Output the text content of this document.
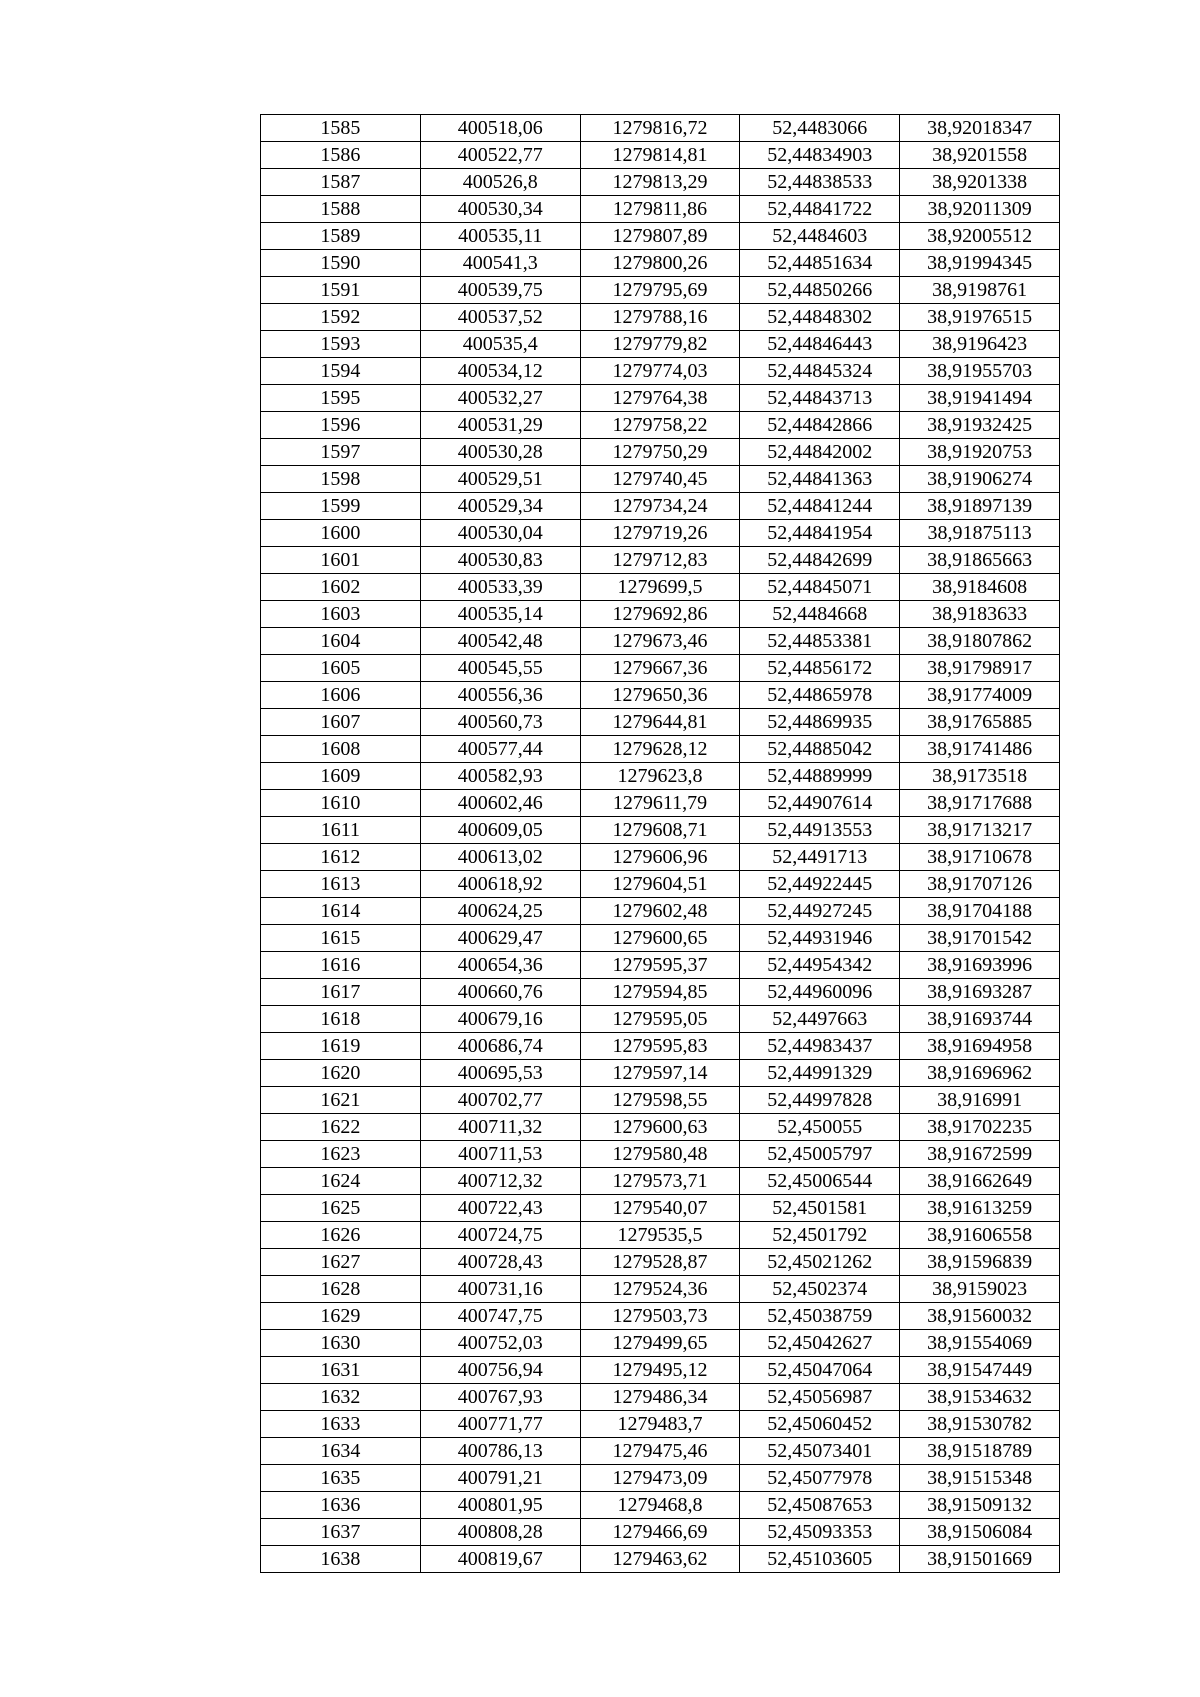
1585	400518,06	1279816,72	52,4483066	38,92018347
1586	400522,77	1279814,81	52,44834903	38,9201558
1587	400526,8	1279813,29	52,44838533	38,9201338
1588	400530,34	1279811,86	52,44841722	38,92011309
1589	400535,11	1279807,89	52,4484603	38,92005512
1590	400541,3	1279800,26	52,44851634	38,91994345
1591	400539,75	1279795,69	52,44850266	38,9198761
1592	400537,52	1279788,16	52,44848302	38,91976515
1593	400535,4	1279779,82	52,44846443	38,9196423
1594	400534,12	1279774,03	52,44845324	38,91955703
1595	400532,27	1279764,38	52,44843713	38,91941494
1596	400531,29	1279758,22	52,44842866	38,91932425
1597	400530,28	1279750,29	52,44842002	38,91920753
1598	400529,51	1279740,45	52,44841363	38,91906274
1599	400529,34	1279734,24	52,44841244	38,91897139
1600	400530,04	1279719,26	52,44841954	38,91875113
1601	400530,83	1279712,83	52,44842699	38,91865663
1602	400533,39	1279699,5	52,44845071	38,9184608
1603	400535,14	1279692,86	52,4484668	38,9183633
1604	400542,48	1279673,46	52,44853381	38,91807862
1605	400545,55	1279667,36	52,44856172	38,91798917
1606	400556,36	1279650,36	52,44865978	38,91774009
1607	400560,73	1279644,81	52,44869935	38,91765885
1608	400577,44	1279628,12	52,44885042	38,91741486
1609	400582,93	1279623,8	52,44889999	38,9173518
1610	400602,46	1279611,79	52,44907614	38,91717688
1611	400609,05	1279608,71	52,44913553	38,91713217
1612	400613,02	1279606,96	52,4491713	38,91710678
1613	400618,92	1279604,51	52,44922445	38,91707126
1614	400624,25	1279602,48	52,44927245	38,91704188
1615	400629,47	1279600,65	52,44931946	38,91701542
1616	400654,36	1279595,37	52,44954342	38,91693996
1617	400660,76	1279594,85	52,44960096	38,91693287
1618	400679,16	1279595,05	52,4497663	38,91693744
1619	400686,74	1279595,83	52,44983437	38,91694958
1620	400695,53	1279597,14	52,44991329	38,91696962
1621	400702,77	1279598,55	52,44997828	38,916991
1622	400711,32	1279600,63	52,450055	38,91702235
1623	400711,53	1279580,48	52,45005797	38,91672599
1624	400712,32	1279573,71	52,45006544	38,91662649
1625	400722,43	1279540,07	52,4501581	38,91613259
1626	400724,75	1279535,5	52,4501792	38,91606558
1627	400728,43	1279528,87	52,45021262	38,91596839
1628	400731,16	1279524,36	52,4502374	38,9159023
1629	400747,75	1279503,73	52,45038759	38,91560032
1630	400752,03	1279499,65	52,45042627	38,91554069
1631	400756,94	1279495,12	52,45047064	38,91547449
1632	400767,93	1279486,34	52,45056987	38,91534632
1633	400771,77	1279483,7	52,45060452	38,91530782
1634	400786,13	1279475,46	52,45073401	38,91518789
1635	400791,21	1279473,09	52,45077978	38,91515348
1636	400801,95	1279468,8	52,45087653	38,91509132
1637	400808,28	1279466,69	52,45093353	38,91506084
1638	400819,67	1279463,62	52,45103605	38,91501669
